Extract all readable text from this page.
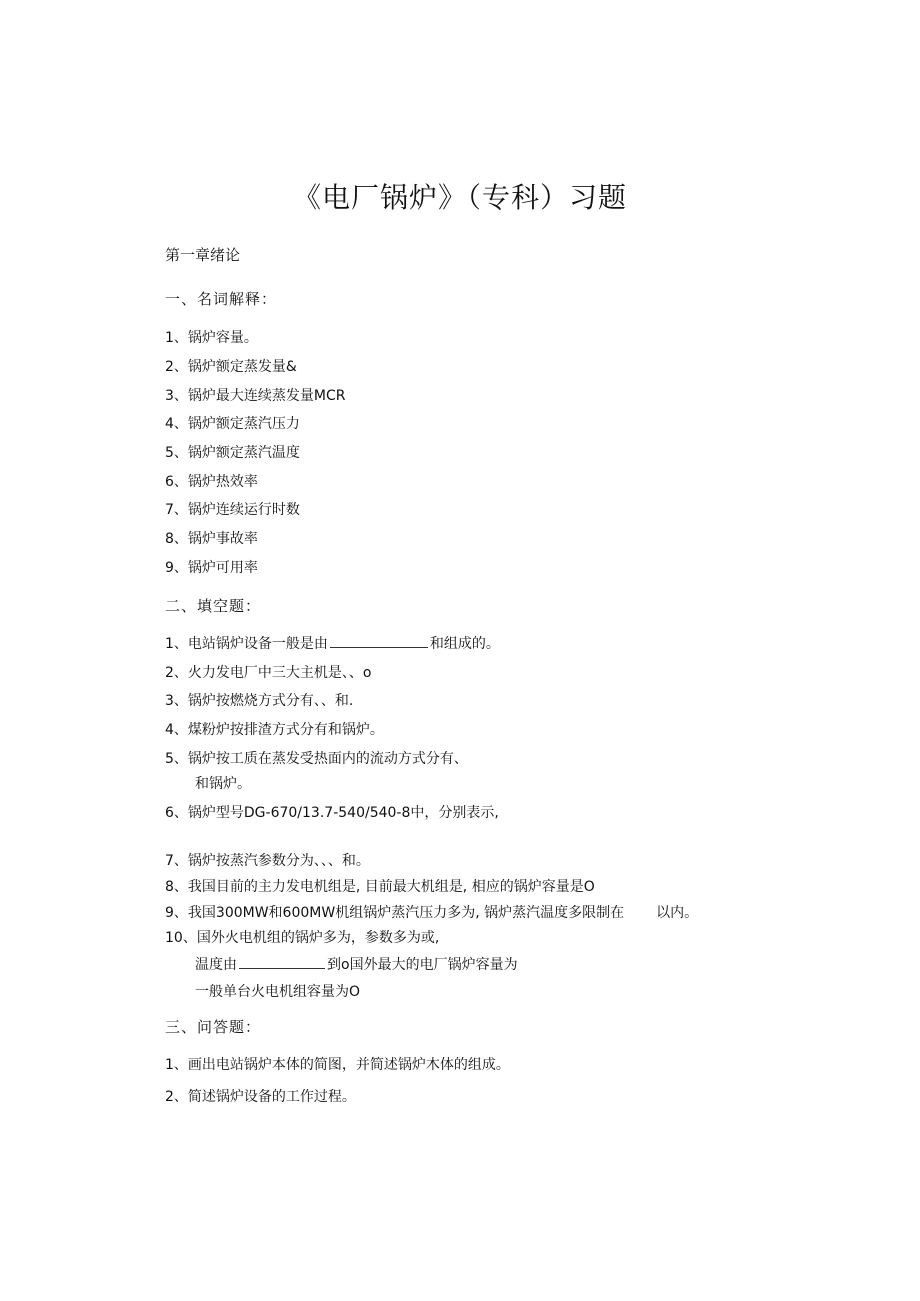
《电厂锅炉》（专科）习题
第一章绪论
一、名词解释：
1、锅炉容量。
2、锅炉额定蒸发量&
3、锅炉最大连续蒸发量MCR
4、锅炉额定蒸汽压力
5、锅炉额定蒸汽温度
6、锅炉热效率
7、锅炉连续运行时数
8、锅炉事故率
9、锅炉可用率
二、填空题：
1、电站锅炉设备一般是由	和组成的。
2、火力发电厂中三大主机是、、o
3、锅炉按燃烧方式分有、、和.
4、煤粉炉按排渣方式分有和锅炉。
5、锅炉按工质在蒸发受热面内的流动方式分有、
和锅炉。
6、锅炉型号DG-670/13.7-540/540-8中，分别表示,
7、锅炉按蒸汽参数分为、、、和。
8、我国目前的主力发电机组是, 目前最大机组是, 相应的锅炉容量是O
9、我国300MW和600MW机组锅炉蒸汽压力多为, 锅炉蒸汽温度多限制在 以内。
10、国外火电机组的锅炉多为，参数多为或,
温度由	到o国外最大的电厂锅炉容量为
一般单台火电机组容量为O
三、问答题：
1、画出电站锅炉本体的简图，并简述锅炉木体的组成。
2、简述锅炉设备的工作过程。
